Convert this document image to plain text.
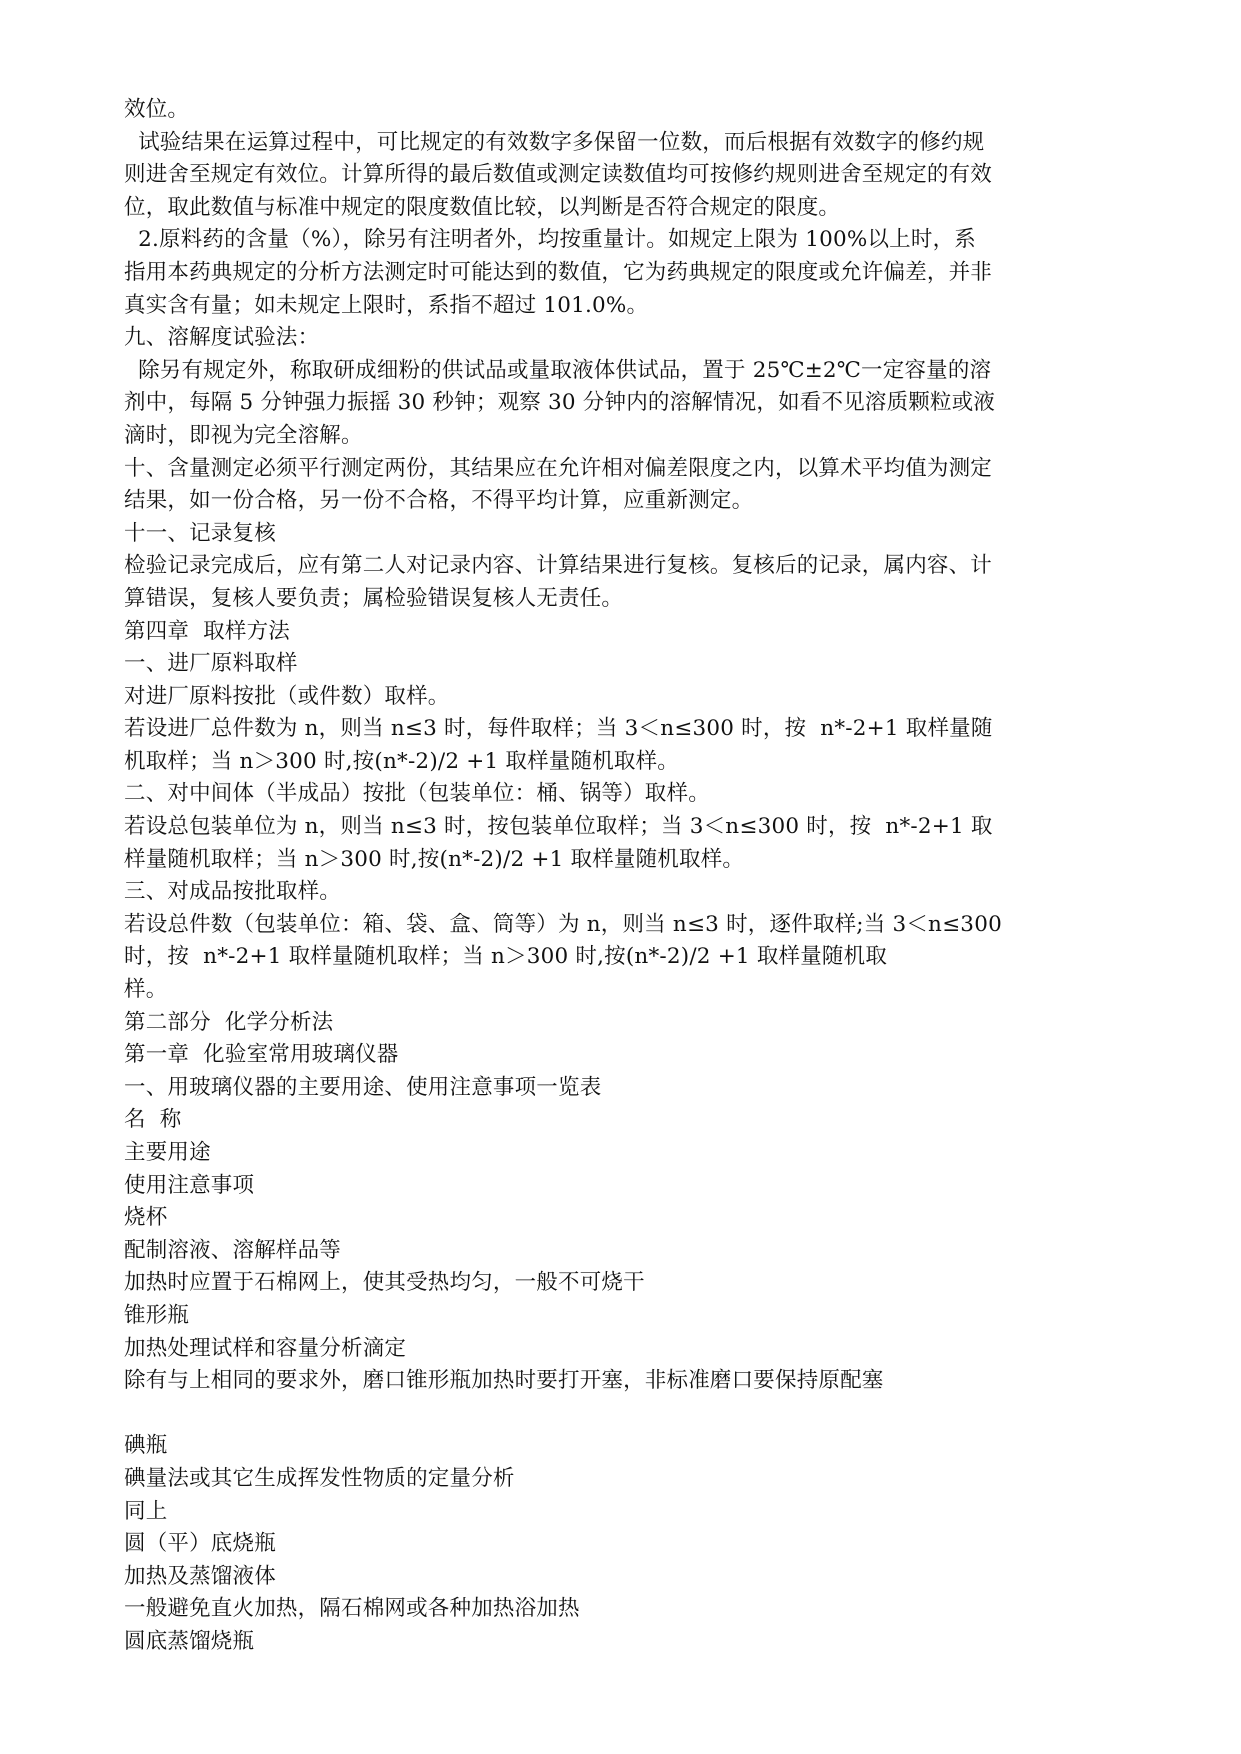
效位。
试验结果在运算过程中，可比规定的有效数字多保留一位数，而后根据有效数字的修约规
则进舍至规定有效位。计算所得的最后数值或测定读数值均可按修约规则进舍至规定的有效
位，取此数值与标准中规定的限度数值比较，以判断是否符合规定的限度。
2.原料药的含量（%），除另有注明者外，均按重量计。如规定上限为 100%以上时，系
指用本药典规定的分析方法测定时可能达到的数值，它为药典规定的限度或允许偏差，并非
真实含有量；如未规定上限时，系指不超过 101.0%。
九、溶解度试验法：
除另有规定外，称取研成细粉的供试品或量取液体供试品，置于 25℃±2℃一定容量的溶
剂中，每隔 5 分钟强力振摇 30 秒钟；观察 30 分钟内的溶解情况，如看不见溶质颗粒或液
滴时，即视为完全溶解。
十、含量测定必须平行测定两份，其结果应在允许相对偏差限度之内，以算术平均值为测定
结果，如一份合格，另一份不合格，不得平均计算，应重新测定。
十一、记录复核
检验记录完成后，应有第二人对记录内容、计算结果进行复核。复核后的记录，属内容、计
算错误，复核人要负责；属检验错误复核人无责任。
第四章  取样方法
一、进厂原料取样
对进厂原料按批（或件数）取样。
若设进厂总件数为 n，则当 n≤3 时，每件取样；当 3＜n≤300 时，按  n*-2+1 取样量随
机取样；当 n＞300 时,按(n*-2)/2 +1 取样量随机取样。
二、对中间体（半成品）按批（包装单位：桶、锅等）取样。
若设总包装单位为 n，则当 n≤3 时，按包装单位取样；当 3＜n≤300 时，按  n*-2+1 取
样量随机取样；当 n＞300 时,按(n*-2)/2 +1 取样量随机取样。
三、对成品按批取样。
若设总件数（包装单位：箱、袋、盒、筒等）为 n，则当 n≤3 时，逐件取样;当 3＜n≤300
时，按  n*-2+1 取样量随机取样；当 n＞300 时,按(n*-2)/2 +1 取样量随机取
样。
第二部分  化学分析法
第一章  化验室常用玻璃仪器
一、用玻璃仪器的主要用途、使用注意事项一览表
名  称
主要用途
使用注意事项
烧杯
配制溶液、溶解样品等
加热时应置于石棉网上，使其受热均匀，一般不可烧干
锥形瓶
加热处理试样和容量分析滴定
除有与上相同的要求外，磨口锥形瓶加热时要打开塞，非标准磨口要保持原配塞
碘瓶
碘量法或其它生成挥发性物质的定量分析
同上
圆（平）底烧瓶
加热及蒸馏液体
一般避免直火加热，隔石棉网或各种加热浴加热
圆底蒸馏烧瓶
